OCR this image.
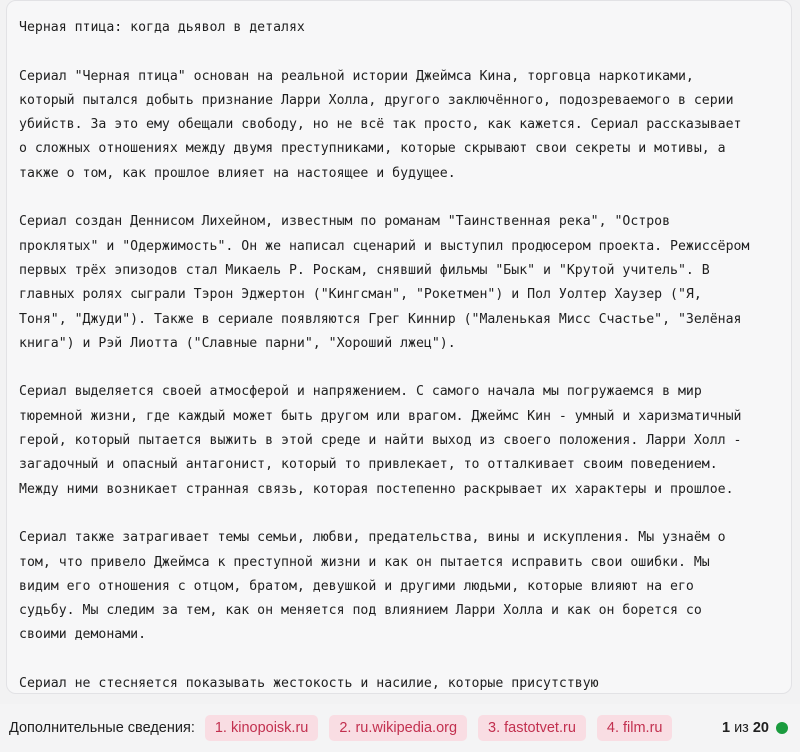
Черная птица: когда дьявол в деталях

Сериал "Черная птица" основан на реальной истории Джеймса Кина, торговца наркотиками,
который пытался добыть признание Ларри Холла, другого заключённого, подозреваемого в серии
убийств. За это ему обещали свободу, но не всё так просто, как кажется. Сериал рассказывает
о сложных отношениях между двумя преступниками, которые скрывают свои секреты и мотивы, а
также о том, как прошлое влияет на настоящее и будущее.

Сериал создан Деннисом Лихейном, известным по романам "Таинственная река", "Остров
проклятых" и "Одержимость". Он же написал сценарий и выступил продюсером проекта. Режиссёром
первых трёх эпизодов стал Микаель Р. Роскам, снявший фильмы "Бык" и "Крутой учитель". В
главных ролях сыграли Тэрон Эджертон ("Кингсман", "Рокетмен") и Пол Уолтер Хаузер ("Я,
Тоня", "Джуди"). Также в сериале появляются Грег Киннир ("Маленькая Мисс Счастье", "Зелёная
книга") и Рэй Лиотта ("Славные парни", "Хороший лжец").

Сериал выделяется своей атмосферой и напряжением. С самого начала мы погружаемся в мир
тюремной жизни, где каждый может быть другом или врагом. Джеймс Кин - умный и харизматичный
герой, который пытается выжить в этой среде и найти выход из своего положения. Ларри Холл -
загадочный и опасный антагонист, который то привлекает, то отталкивает своим поведением.
Между ними возникает странная связь, которая постепенно раскрывает их характеры и прошлое.

Сериал также затрагивает темы семьи, любви, предательства, вины и искупления. Мы узнаём о
том, что привело Джеймса к преступной жизни и как он пытается исправить свои ошибки. Мы
видим его отношения с отцом, братом, девушкой и другими людьми, которые влияют на его
судьбу. Мы следим за тем, как он меняется под влиянием Ларри Холла и как он борется со
своими демонами.

Сериал не стесняется показывать жестокость и насилие, которые присутствую
Дополнительные сведения:	1. kinopoisk.ru	2. ru.wikipedia.org	3. fastotvet.ru	4. film.ru	1
из
20
